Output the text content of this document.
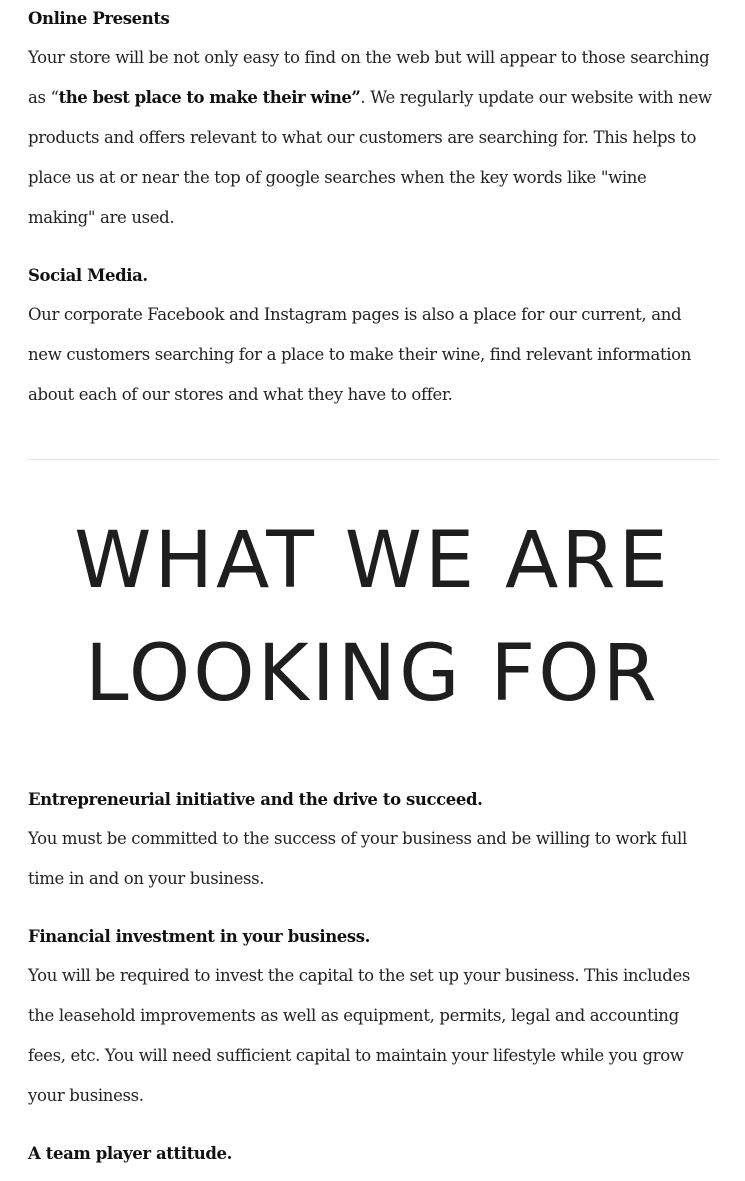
Online Presents

Your store will be not only easy to find on the web but will appear to those searching as “the best place to make their wine”. We regularly update our website with new products and offers relevant to what our customers are searching for. This helps to place us at or near the top of google searches when the key words like "wine making" are used.

Social Media.

Our corporate Facebook and Instagram pages is also a place for our current, and new customers searching for a place to make their wine, find relevant information about each of our stores and what they have to offer.

Entrepreneurial initiative and the drive to succeed.

You must be committed to the success of your business and be willing to work full time in and on your business.

Financial investment in your business.

You will be required to invest the capital to the set up your business. This includes the leasehold improvements as well as equipment, permits, legal and accounting fees, etc. You will need sufficient capital to maintain your lifestyle while you grow your business.

A team player attitude.
WHAT WE ARE
LOOKING FOR
